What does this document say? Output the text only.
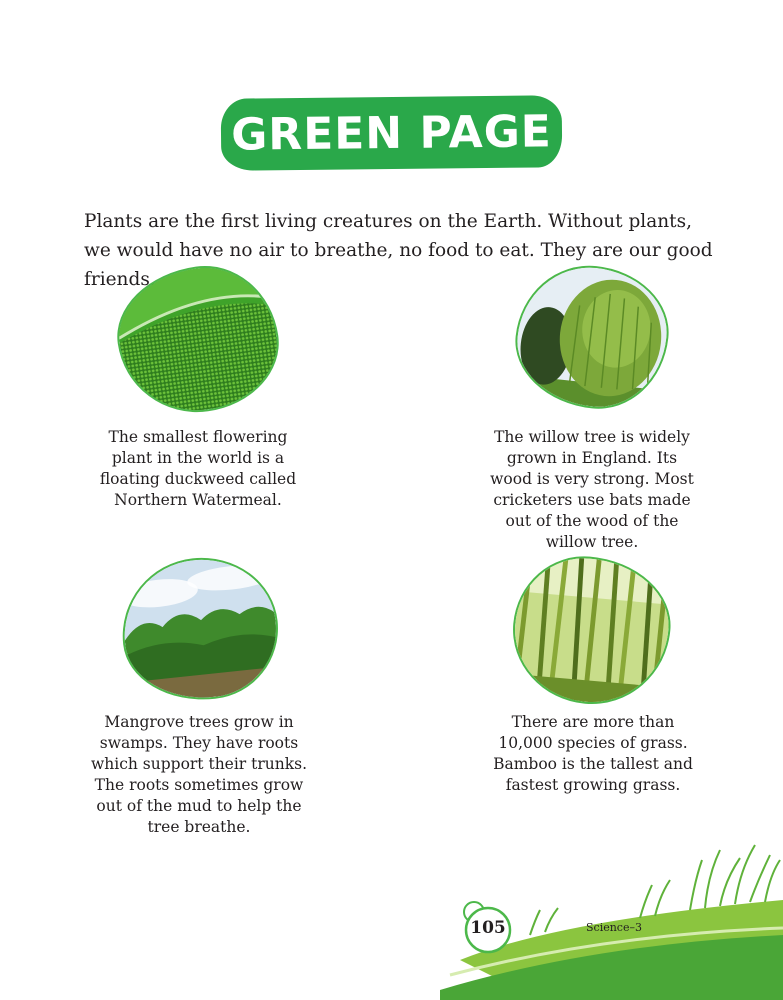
GREEN PAGE
Plants are the first living creatures on the Earth. Without plants, we would have no air to breathe, no food to eat. They are our good friends.
The smallest flowering
plant in the world is a
floating duckweed called
Northern Watermeal.
The willow tree is widely
grown in England. Its
wood is very strong. Most
cricketers use bats made
out of the wood of the
willow tree.
Mangrove trees grow in
swamps. They have roots
which support their trunks.
The roots sometimes grow
out of the mud to help the
tree breathe.
There are more than
10,000 species of grass.
Bamboo is the tallest and
fastest growing grass.
105	Science–3
